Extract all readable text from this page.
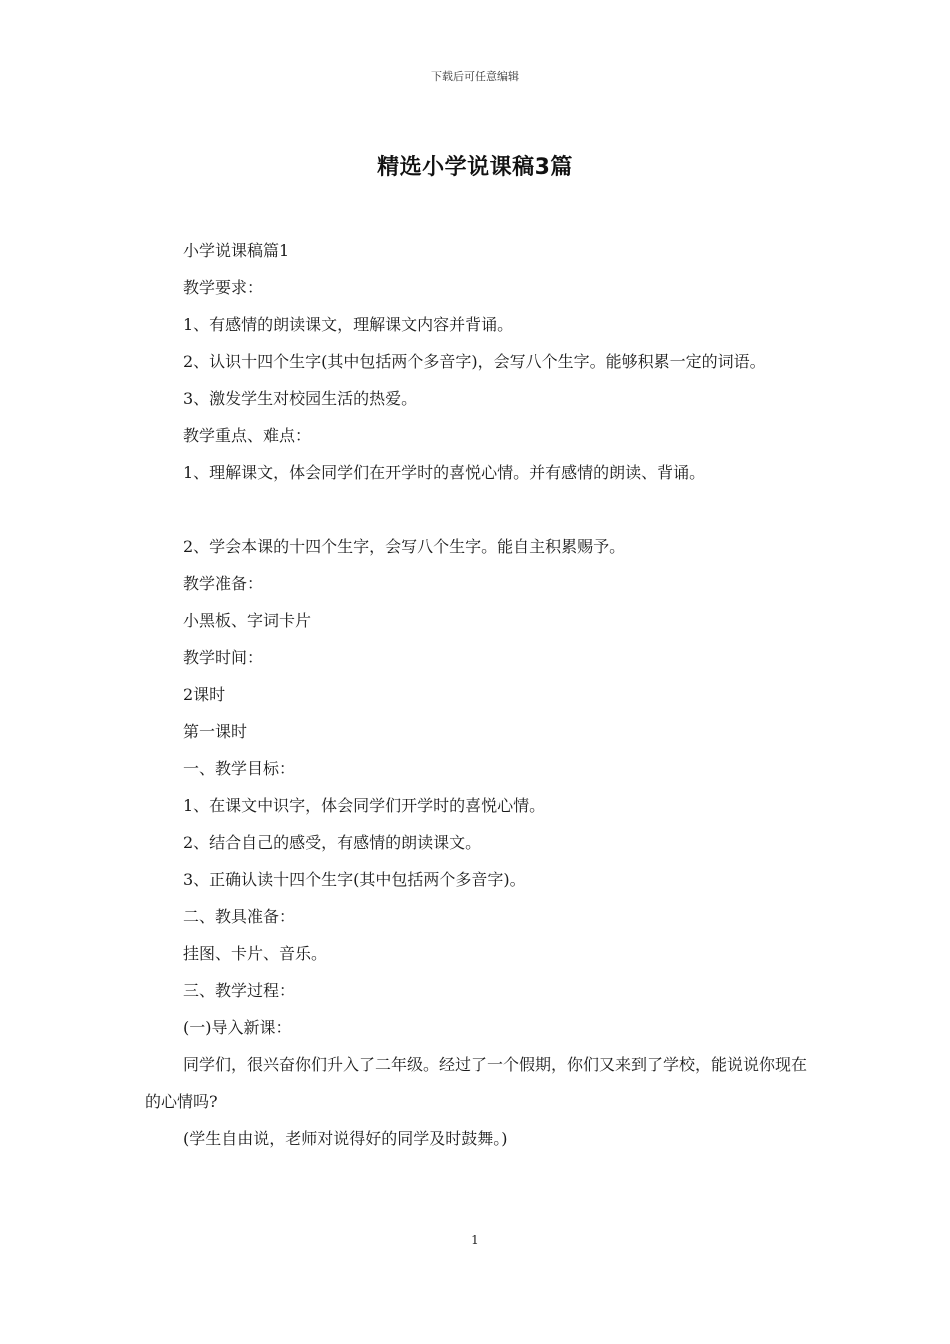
下载后可任意编辑
精选小学说课稿3篇

小学说课稿篇1

教学要求：

1、有感情的朗读课文，理解课文内容并背诵。

2、认识十四个生字(其中包括两个多音字)，会写八个生字。能够积累一定的词语。

3、激发学生对校园生活的热爱。

教学重点、难点：

1、理解课文，体会同学们在开学时的喜悦心情。并有感情的朗读、背诵。

2、学会本课的十四个生字，会写八个生字。能自主积累赐予。

教学准备：

小黑板、字词卡片

教学时间：

2课时

第一课时

一、教学目标：

1、在课文中识字，体会同学们开学时的喜悦心情。

2、结合自己的感受，有感情的朗读课文。

3、正确认读十四个生字(其中包括两个多音字)。

二、教具准备：

挂图、卡片、音乐。

三、教学过程：

(一)导入新课：

同学们，很兴奋你们升入了二年级。经过了一个假期，你们又来到了学校，能说说你现在的心情吗?

(学生自由说，老师对说得好的同学及时鼓舞。)

1
